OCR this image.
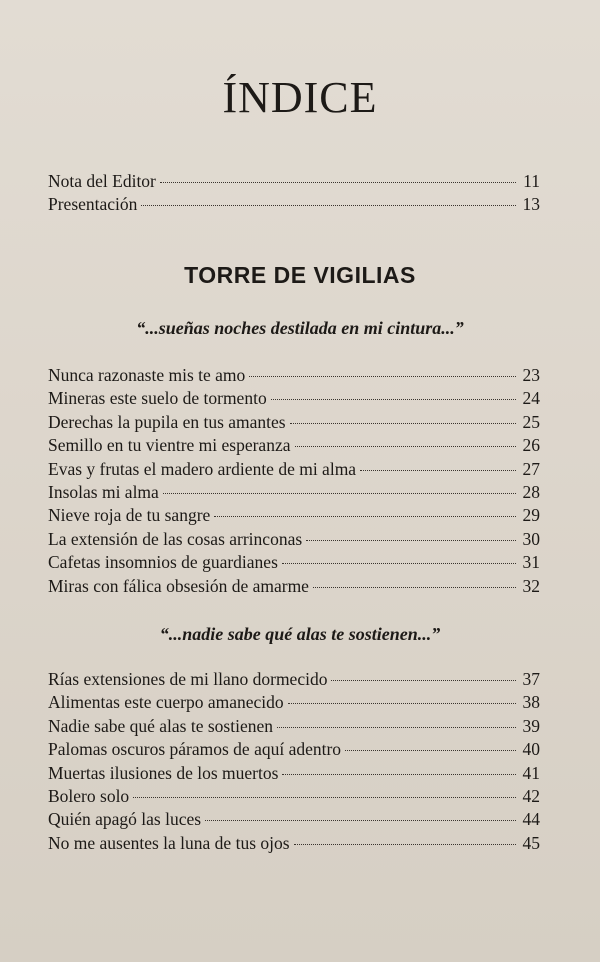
ÍNDICE
Nota del Editor	11
Presentación	13
TORRE DE VIGILIAS
“...sueñas noches destilada en mi cintura...”
Nunca razonaste mis te amo	23
Mineras este suelo de tormento	24
Derechas la pupila en tus amantes	25
Semillo en tu vientre mi esperanza	26
Evas y frutas el madero ardiente de mi alma	27
Insolas mi alma	28
Nieve roja de tu sangre	29
La extensión de las cosas arrinconas	30
Cafetas insomnios de guardianes	31
Miras con fálica obsesión de amarme	32
“...nadie sabe qué alas te sostienen...”
Rías extensiones de mi llano dormecido	37
Alimentas este cuerpo amanecido	38
Nadie sabe qué alas te sostienen	39
Palomas oscuros páramos de aquí adentro	40
Muertas ilusiones de los muertos	41
Bolero solo	42
Quién apagó las luces	44
No me ausentes la luna de tus ojos	45
